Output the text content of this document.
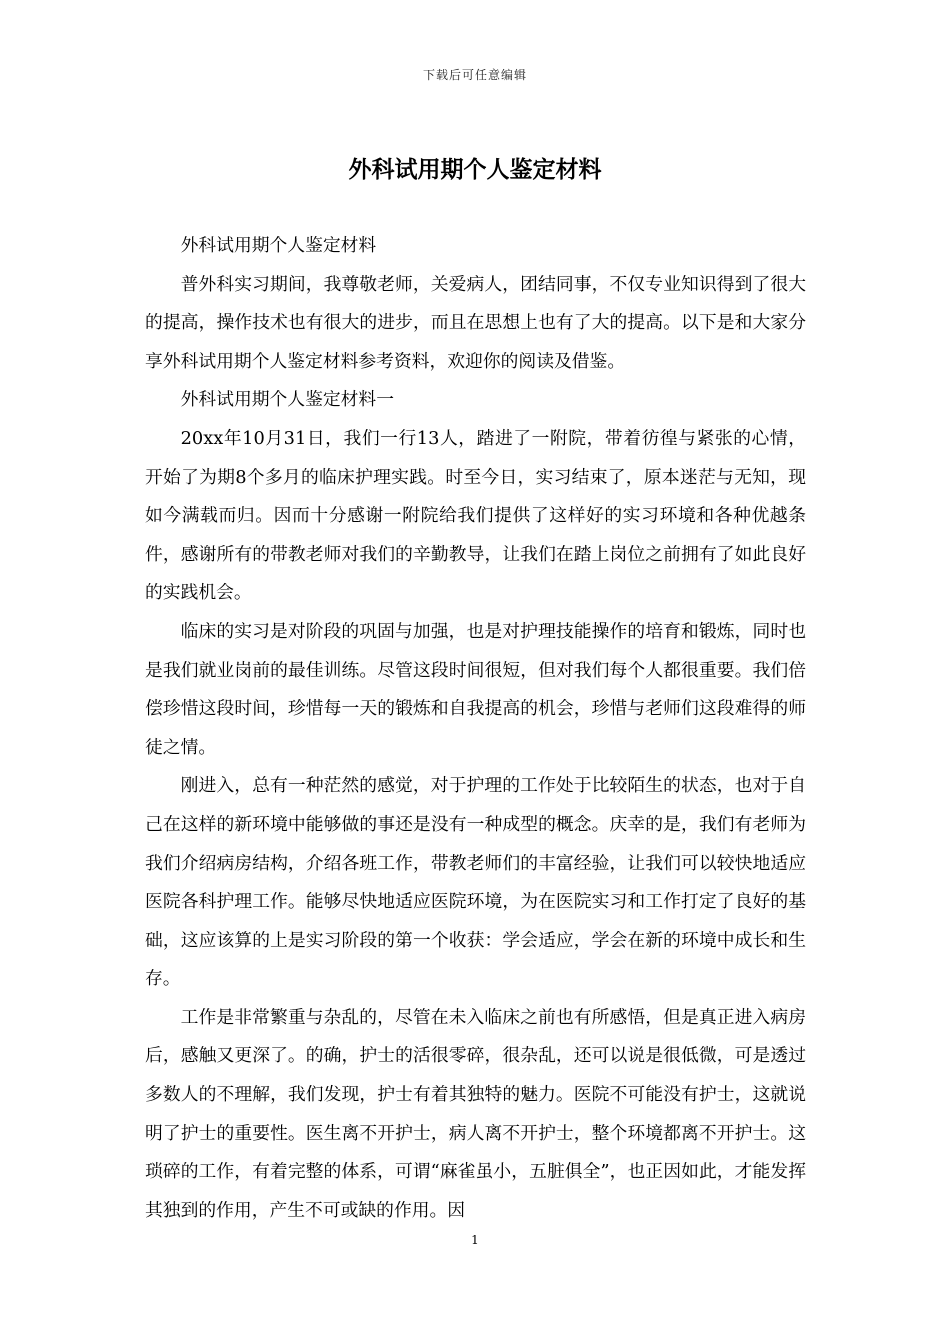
下载后可任意编辑
外科试用期个人鉴定材料

外科试用期个人鉴定材料

普外科实习期间，我尊敬老师，关爱病人，团结同事，不仅专业知识得到了很大的提高，操作技术也有很大的进步，而且在思想上也有了大的提高。以下是和大家分享外科试用期个人鉴定材料参考资料，欢迎你的阅读及借鉴。

外科试用期个人鉴定材料一

20xx年10月31日，我们一行13人，踏进了一附院，带着彷徨与紧张的心情，开始了为期8个多月的临床护理实践。时至今日，实习结束了，原本迷茫与无知，现如今满载而归。因而十分感谢一附院给我们提供了这样好的实习环境和各种优越条件，感谢所有的带教老师对我们的辛勤教导，让我们在踏上岗位之前拥有了如此良好的实践机会。

临床的实习是对阶段的巩固与加强，也是对护理技能操作的培育和锻炼，同时也是我们就业岗前的最佳训练。尽管这段时间很短，但对我们每个人都很重要。我们倍偿珍惜这段时间，珍惜每一天的锻炼和自我提高的机会，珍惜与老师们这段难得的师徒之情。

刚进入，总有一种茫然的感觉，对于护理的工作处于比较陌生的状态，也对于自己在这样的新环境中能够做的事还是没有一种成型的概念。庆幸的是，我们有老师为我们介绍病房结构，介绍各班工作，带教老师们的丰富经验，让我们可以较快地适应医院各科护理工作。能够尽快地适应医院环境，为在医院实习和工作打定了良好的基础，这应该算的上是实习阶段的第一个收获：学会适应，学会在新的环境中成长和生存。

工作是非常繁重与杂乱的，尽管在未入临床之前也有所感悟，但是真正进入病房后，感触又更深了。的确，护士的活很零碎，很杂乱，还可以说是很低微，可是透过多数人的不理解，我们发现，护士有着其独特的魅力。医院不可能没有护士，这就说明了护士的重要性。医生离不开护士，病人离不开护士，整个环境都离不开护士。这琐碎的工作，有着完整的体系，可谓“麻雀虽小，五脏俱全”，也正因如此，才能发挥其独到的作用，产生不可或缺的作用。因

1
